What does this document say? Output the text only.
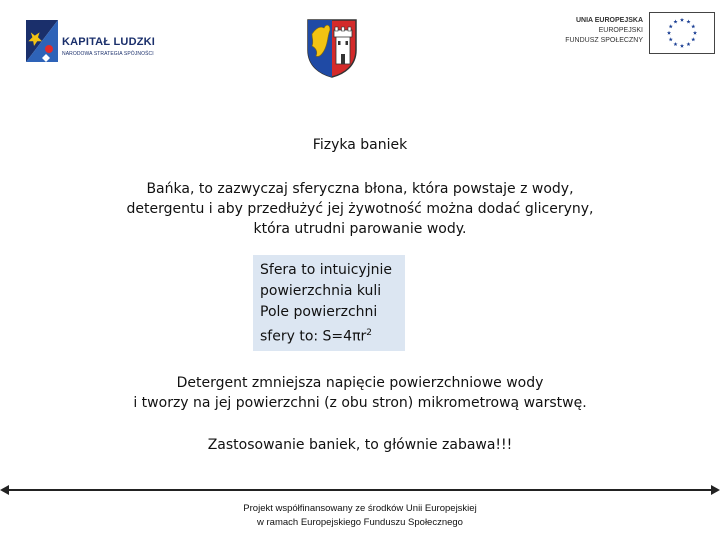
KAPITAŁ LUDZKI
NARODOWA STRATEGIA SPÓJNOŚCI
UNIA EUROPEJSKA
EUROPEJSKI
FUNDUSZ SPOŁECZNY
Fizyka baniek
Bańka, to zazwyczaj sferyczna błona, która powstaje z wody,
detergentu i aby przedłużyć jej żywotność można dodać gliceryny,
która utrudni parowanie wody.
Sfera to intuicyjnie
powierzchnia kuli
Pole powierzchni
sfery to: $S=4\pi r^2$
Detergent zmniejsza napięcie powierzchniowe wody
i tworzy na jej powierzchni (z obu stron) mikrometrową warstwę.
Zastosowanie baniek, to głównie zabawa!!!
Projekt współfinansowany ze środków Unii Europejskiej
w ramach Europejskiego Funduszu Społecznego
